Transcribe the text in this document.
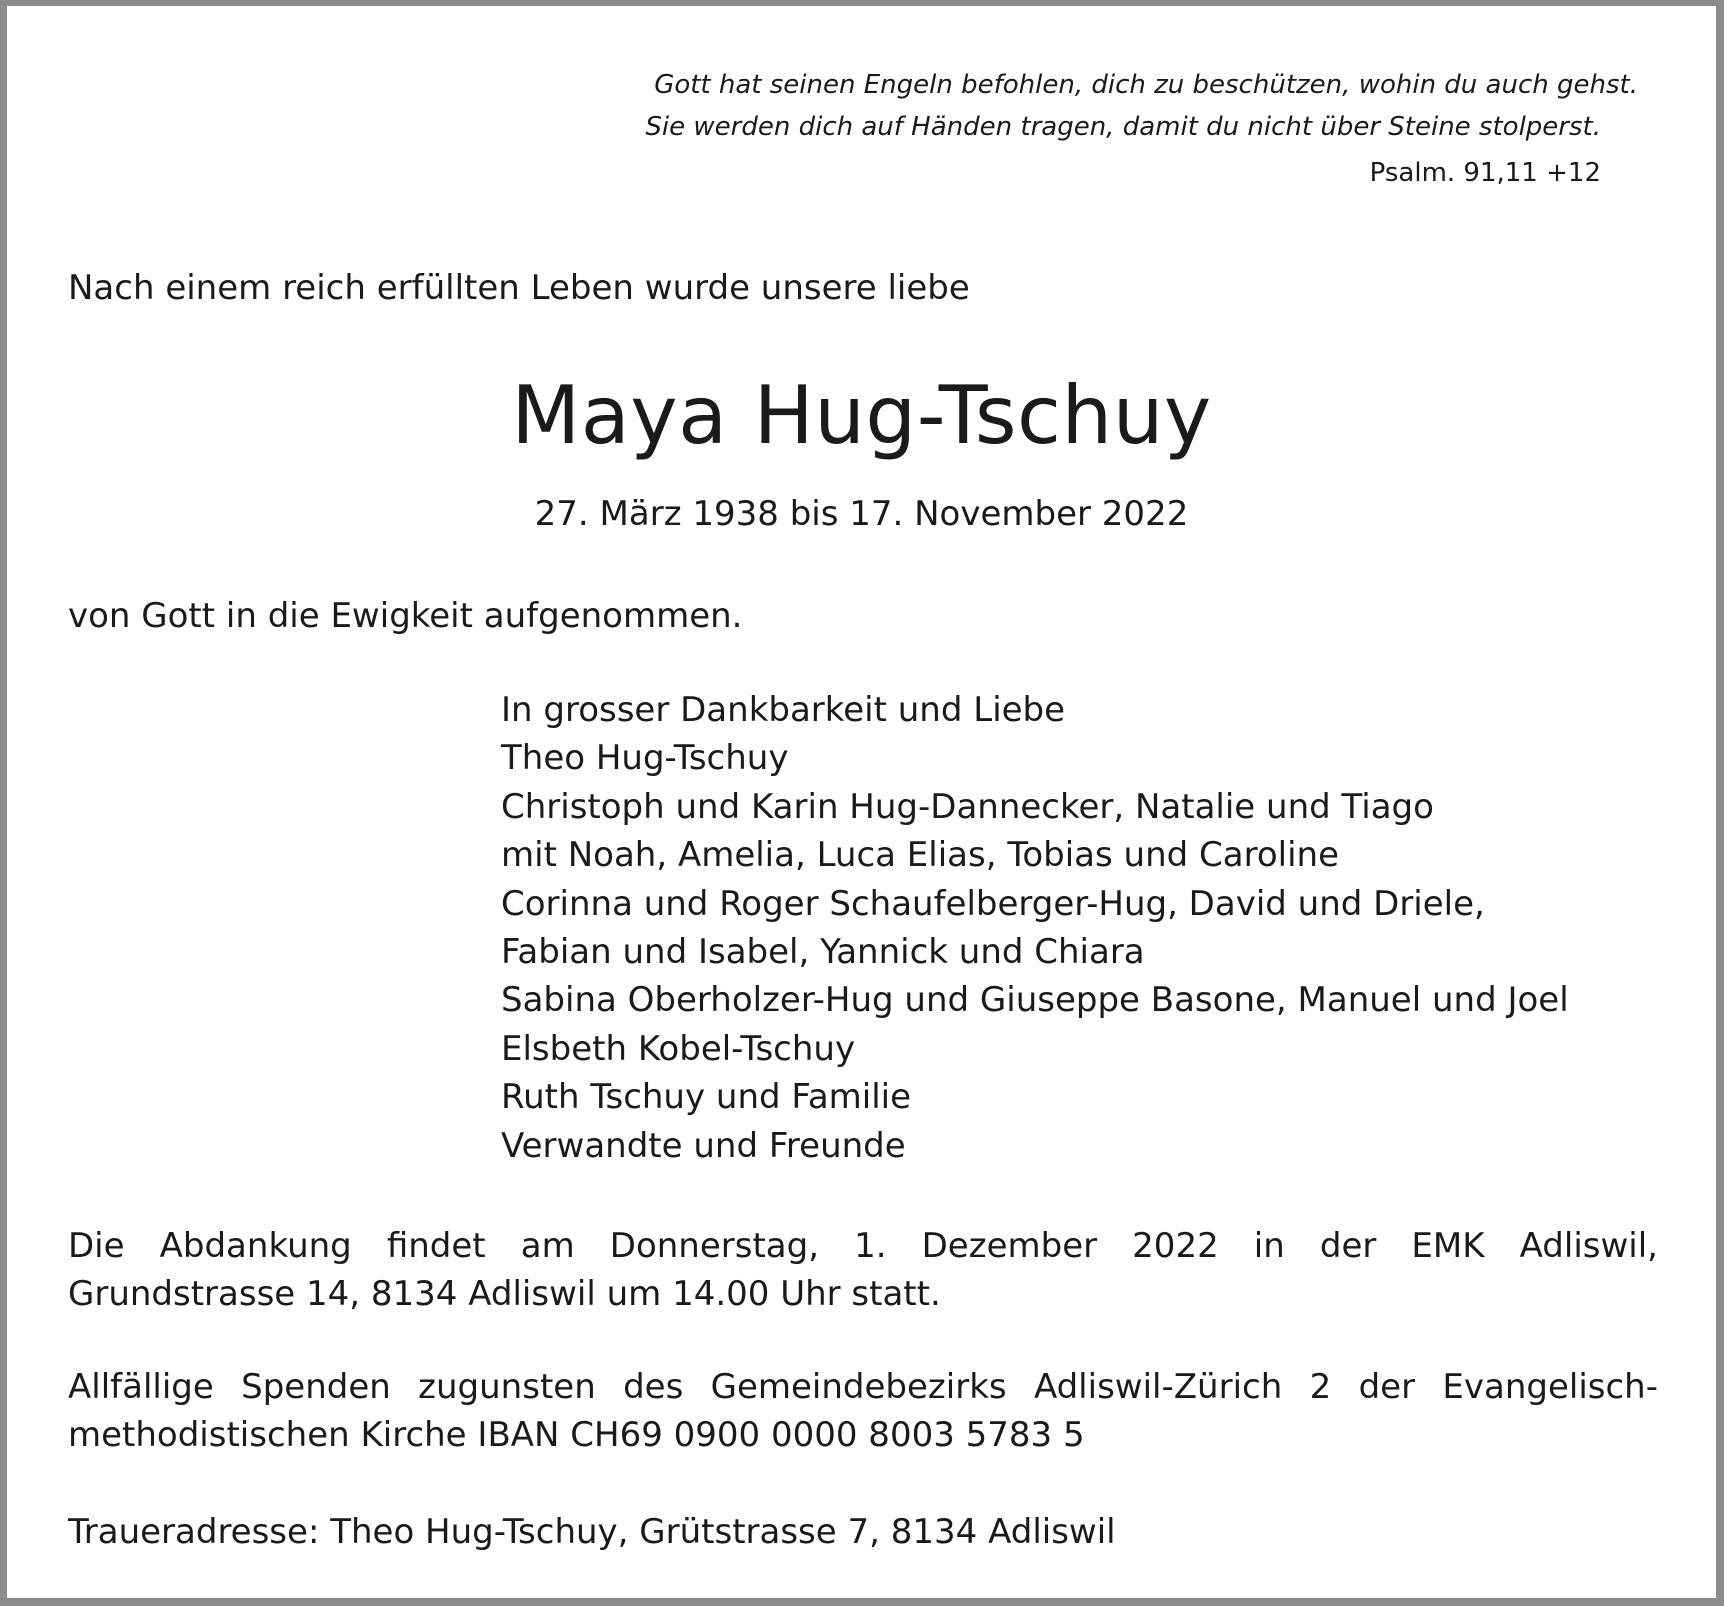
Gott hat seinen Engeln befohlen, dich zu beschützen, wohin du auch gehst.

Sie werden dich auf Händen tragen, damit du nicht über Steine stolperst.

Psalm. 91,11 +12

Nach einem reich erfüllten Leben wurde unsere liebe

Maya Hug-Tschuy

27. März 1938 bis 17. November 2022

von Gott in die Ewigkeit aufgenommen.

In grosser Dankbarkeit und Liebe
Theo Hug-Tschuy
Christoph und Karin Hug-Dannecker, Natalie und Tiago
mit Noah, Amelia, Luca Elias, Tobias und Caroline
Corinna und Roger Schaufelberger-Hug, David und Driele,
Fabian und Isabel, Yannick und Chiara
Sabina Oberholzer-Hug und Giuseppe Basone, Manuel und Joel
Elsbeth Kobel-Tschuy
Ruth Tschuy und Familie
Verwandte und Freunde
Die Abdankung findet am Donnerstag, 1. Dezember 2022 in der EMK Adliswil,
Grundstrasse 14, 8134 Adliswil um 14.00 Uhr statt.
Allfällige Spenden zugunsten des Gemeindebezirks Adliswil-Zürich 2 der Evangelisch-
methodistischen Kirche IBAN CH69 0900 0000 8003 5783 5

Traueradresse: Theo Hug-Tschuy, Grütstrasse 7, 8134 Adliswil
